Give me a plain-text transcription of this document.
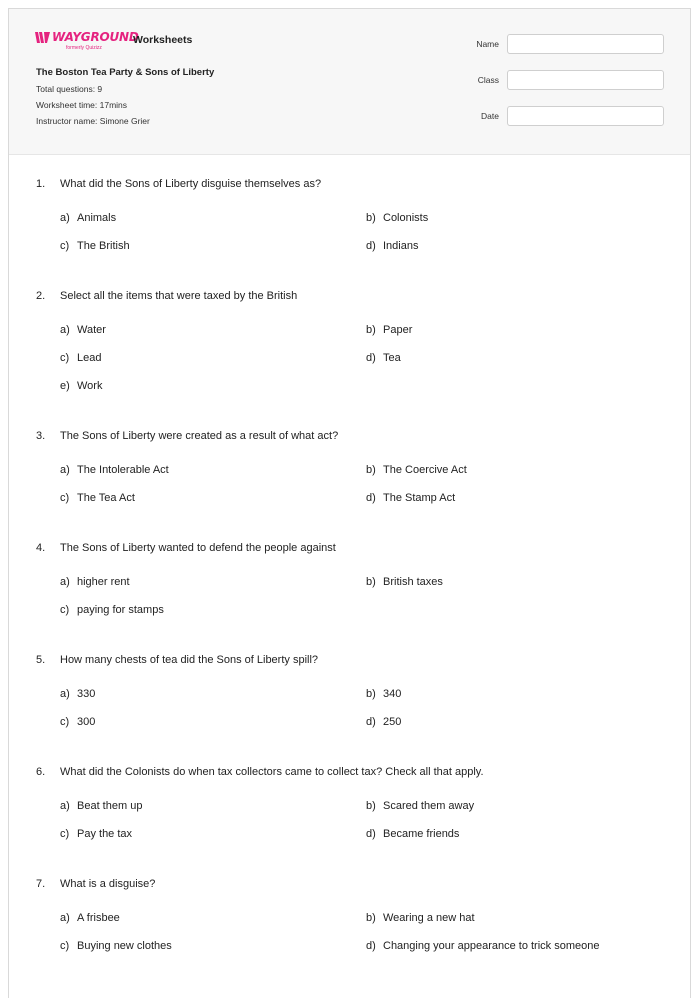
WAYGROUND
formerly Quizizz
Worksheets
The Boston Tea Party & Sons of Liberty
Total questions: 9
Worksheet time: 17mins
Instructor name: Simone Grier
Name
Class
Date
1. What did the Sons of Liberty disguise themselves as?
a) Animals	b) Colonists
c) The British	d) Indians
2. Select all the items that were taxed by the British
a) Water	b) Paper
c) Lead	d) Tea
e) Work
3. The Sons of Liberty were created as a result of what act?
a) The Intolerable Act	b) The Coercive Act
c) The Tea Act	d) The Stamp Act
4. The Sons of Liberty wanted to defend the people against
a) higher rent	b) British taxes
c) paying for stamps
5. How many chests of tea did the Sons of Liberty spill?
a) 330	b) 340
c) 300	d) 250
6. What did the Colonists do when tax collectors came to collect tax? Check all that apply.
a) Beat them up	b) Scared them away
c) Pay the tax	d) Became friends
7. What is a disguise?
a) A frisbee	b) Wearing a new hat
c) Buying new clothes	d) Changing your appearance to trick someone
